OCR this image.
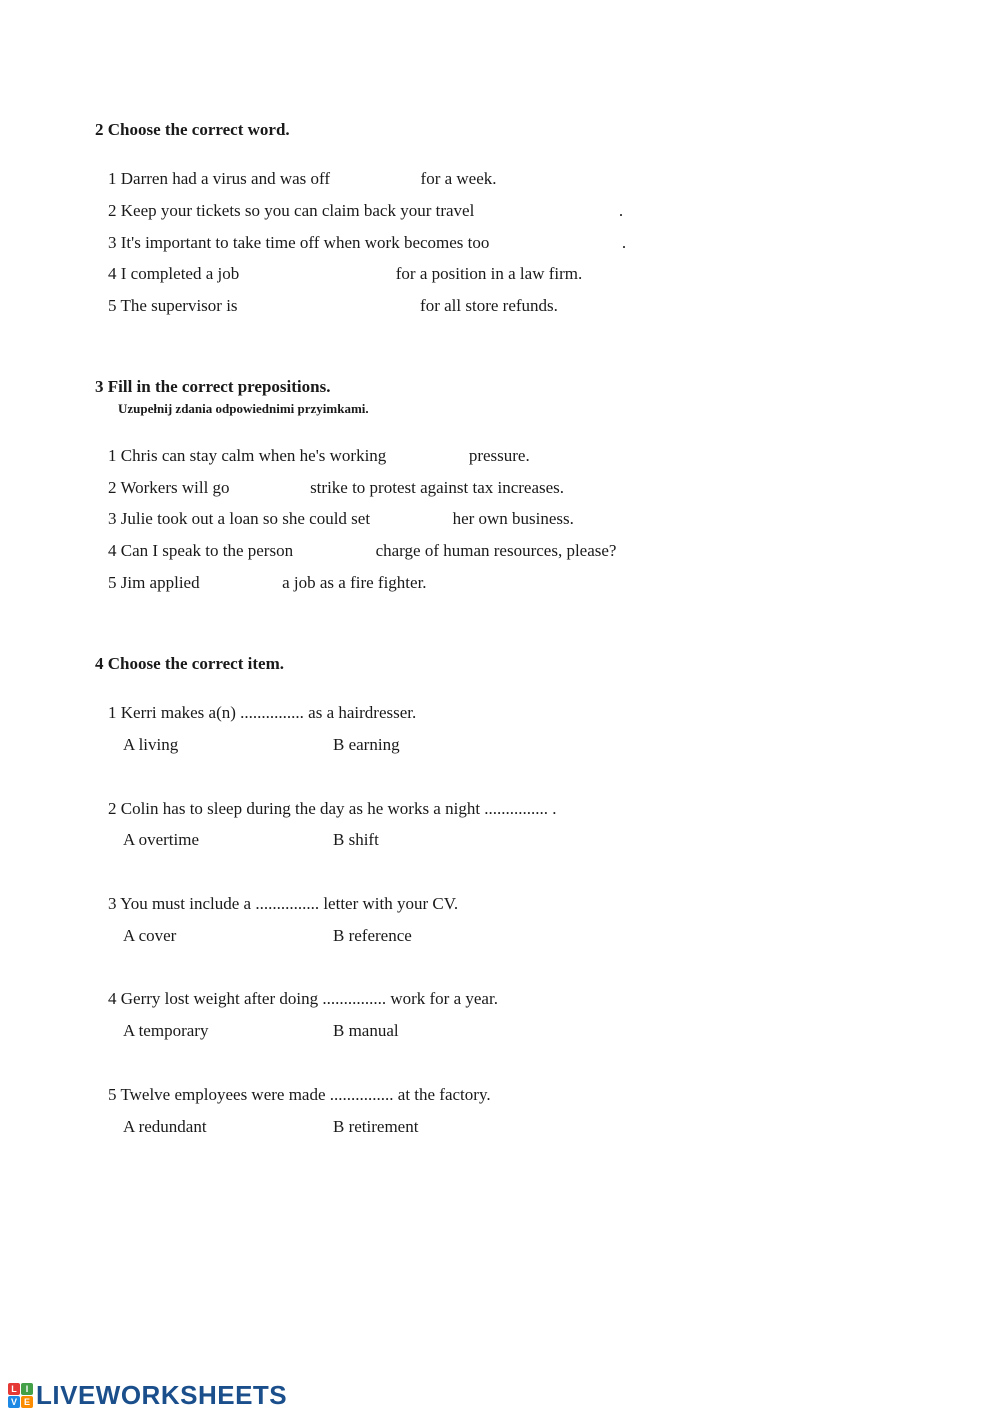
2 Choose the correct word.
1 Darren had a virus and was off	for a week.
2 Keep your tickets so you can claim back your travel	.
3 It's important to take time off when work becomes too	.
4 I completed a job	for a position in a law firm.
5 The supervisor is	for all store refunds.
3 Fill in the correct prepositions.
Uzupełnij zdania odpowiednimi przyimkami.
1 Chris can stay calm when he's working	pressure.
2 Workers will go	strike to protest against tax increases.
3 Julie took out a loan so she could set	her own business.
4 Can I speak to the person	charge of human resources, please?
5 Jim applied	a job as a fire fighter.
4 Choose the correct item.
1 Kerri makes a(n) ............... as a hairdresser.
A living	B earning
2 Colin has to sleep during the day as he works a night ............... .
A overtime	B shift
3 You must include a ............... letter with your CV.
A cover	B reference
4 Gerry lost weight after doing ............... work for a year.
A temporary	B manual
5 Twelve employees were made ............... at the factory.
A redundant	B retirement
L I
V E LIVEWORKSHEETS
